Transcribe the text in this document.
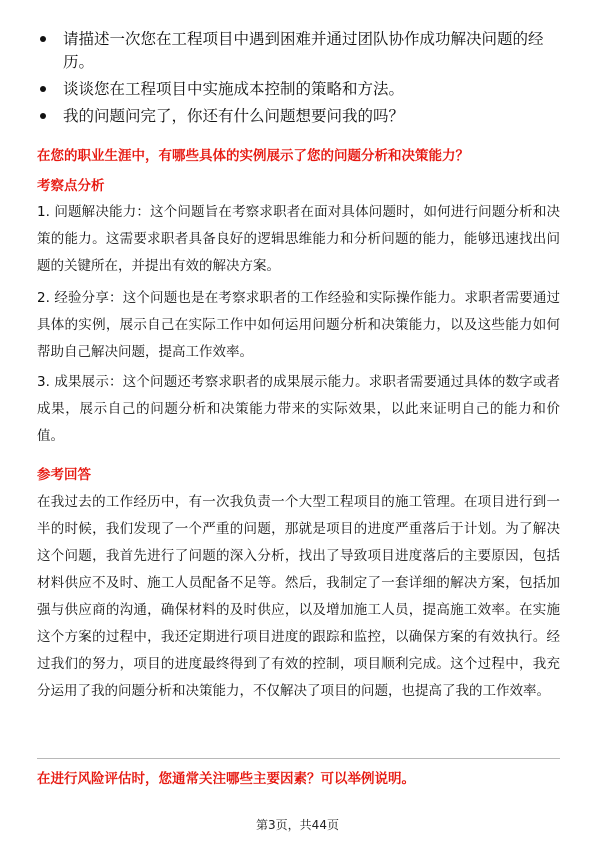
请描述一次您在工程项目中遇到困难并通过团队协作成功解决问题的经历。
谈谈您在工程项目中实施成本控制的策略和方法。
我的问题问完了，你还有什么问题想要问我的吗？
在您的职业生涯中，有哪些具体的实例展示了您的问题分析和决策能力？
考察点分析

1. 问题解决能力：这个问题旨在考察求职者在面对具体问题时，如何进行问题分析和决策的能力。这需要求职者具备良好的逻辑思维能力和分析问题的能力，能够迅速找出问题的关键所在，并提出有效的解决方案。

2. 经验分享：这个问题也是在考察求职者的工作经验和实际操作能力。求职者需要通过具体的实例，展示自己在实际工作中如何运用问题分析和决策能力，以及这些能力如何帮助自己解决问题，提高工作效率。

3. 成果展示：这个问题还考察求职者的成果展示能力。求职者需要通过具体的数字或者成果，展示自己的问题分析和决策能力带来的实际效果，以此来证明自己的能力和价值。

参考回答

在我过去的工作经历中，有一次我负责一个大型工程项目的施工管理。在项目进行到一半的时候，我们发现了一个严重的问题，那就是项目的进度严重落后于计划。为了解决这个问题，我首先进行了问题的深入分析，找出了导致项目进度落后的主要原因，包括材料供应不及时、施工人员配备不足等。然后，我制定了一套详细的解决方案，包括加强与供应商的沟通，确保材料的及时供应，以及增加施工人员，提高施工效率。在实施这个方案的过程中，我还定期进行项目进度的跟踪和监控，以确保方案的有效执行。经过我们的努力，项目的进度最终得到了有效的控制，项目顺利完成。这个过程中，我充分运用了我的问题分析和决策能力，不仅解决了项目的问题，也提高了我的工作效率。

在进行风险评估时，您通常关注哪些主要因素？可以举例说明。
第3页，共44页
